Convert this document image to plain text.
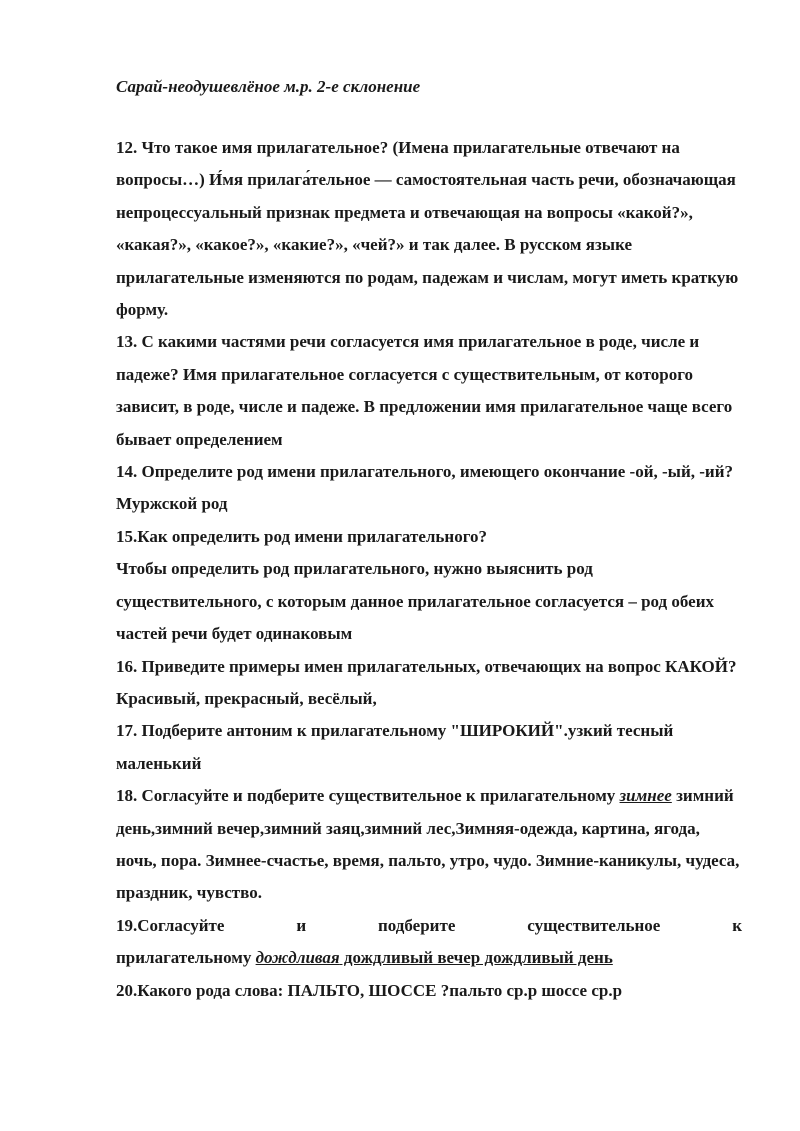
Сарай-неодушевлёное м.р. 2-е склонение

12. Что такое имя прилагательное? (Имена прилагательные отвечают на вопросы…) И́мя прилага́тельное — самостоятельная часть речи, обозначающая непроцессуальный признак предмета и отвечающая на вопросы «какой?», «какая?», «какое?», «какие?», «чей?» и так далее. В русском языке прилагательные изменяются по родам, падежам и числам, могут иметь краткую форму.

13. С какими частями речи согласуется имя прилагательное в роде, числе и падеже? Имя прилагательное согласуется с существительным, от которого зависит, в роде, числе и падеже. В предложении имя прилагательное чаще всего бывает определением

14. Определите род имени прилагательного, имеющего окончание -ой, -ый, -ий? Муржской род

15.Как определить род имени прилагательного?

Чтобы определить род прилагательного, нужно выяснить род существительного, с которым данное прилагательное согласуется – род обеих частей речи будет одинаковым

16. Приведите примеры имен прилагательных, отвечающих на вопрос КАКОЙ? Красивый, прекрасный, весёлый,

17. Подберите антоним к прилагательному "ШИРОКИЙ".узкий тесный маленький

18. Согласуйте и подберите существительное к прилагательному зимнее зимний день,зимний вечер,зимний заяц,зимний лес,Зимняя-одежда, картина, ягода, ночь, пора. Зимнее-счастье, время, пальто, утро, чудо. Зимние-каникулы, чудеса, праздник, чувство.

19.Согласуйте и подберите существительное к

прилагательному дождливая дождливый вечер дождливый день

20.Какого рода слова: ПАЛЬТО, ШОССЕ ?пальто ср.р шоссе ср.р
